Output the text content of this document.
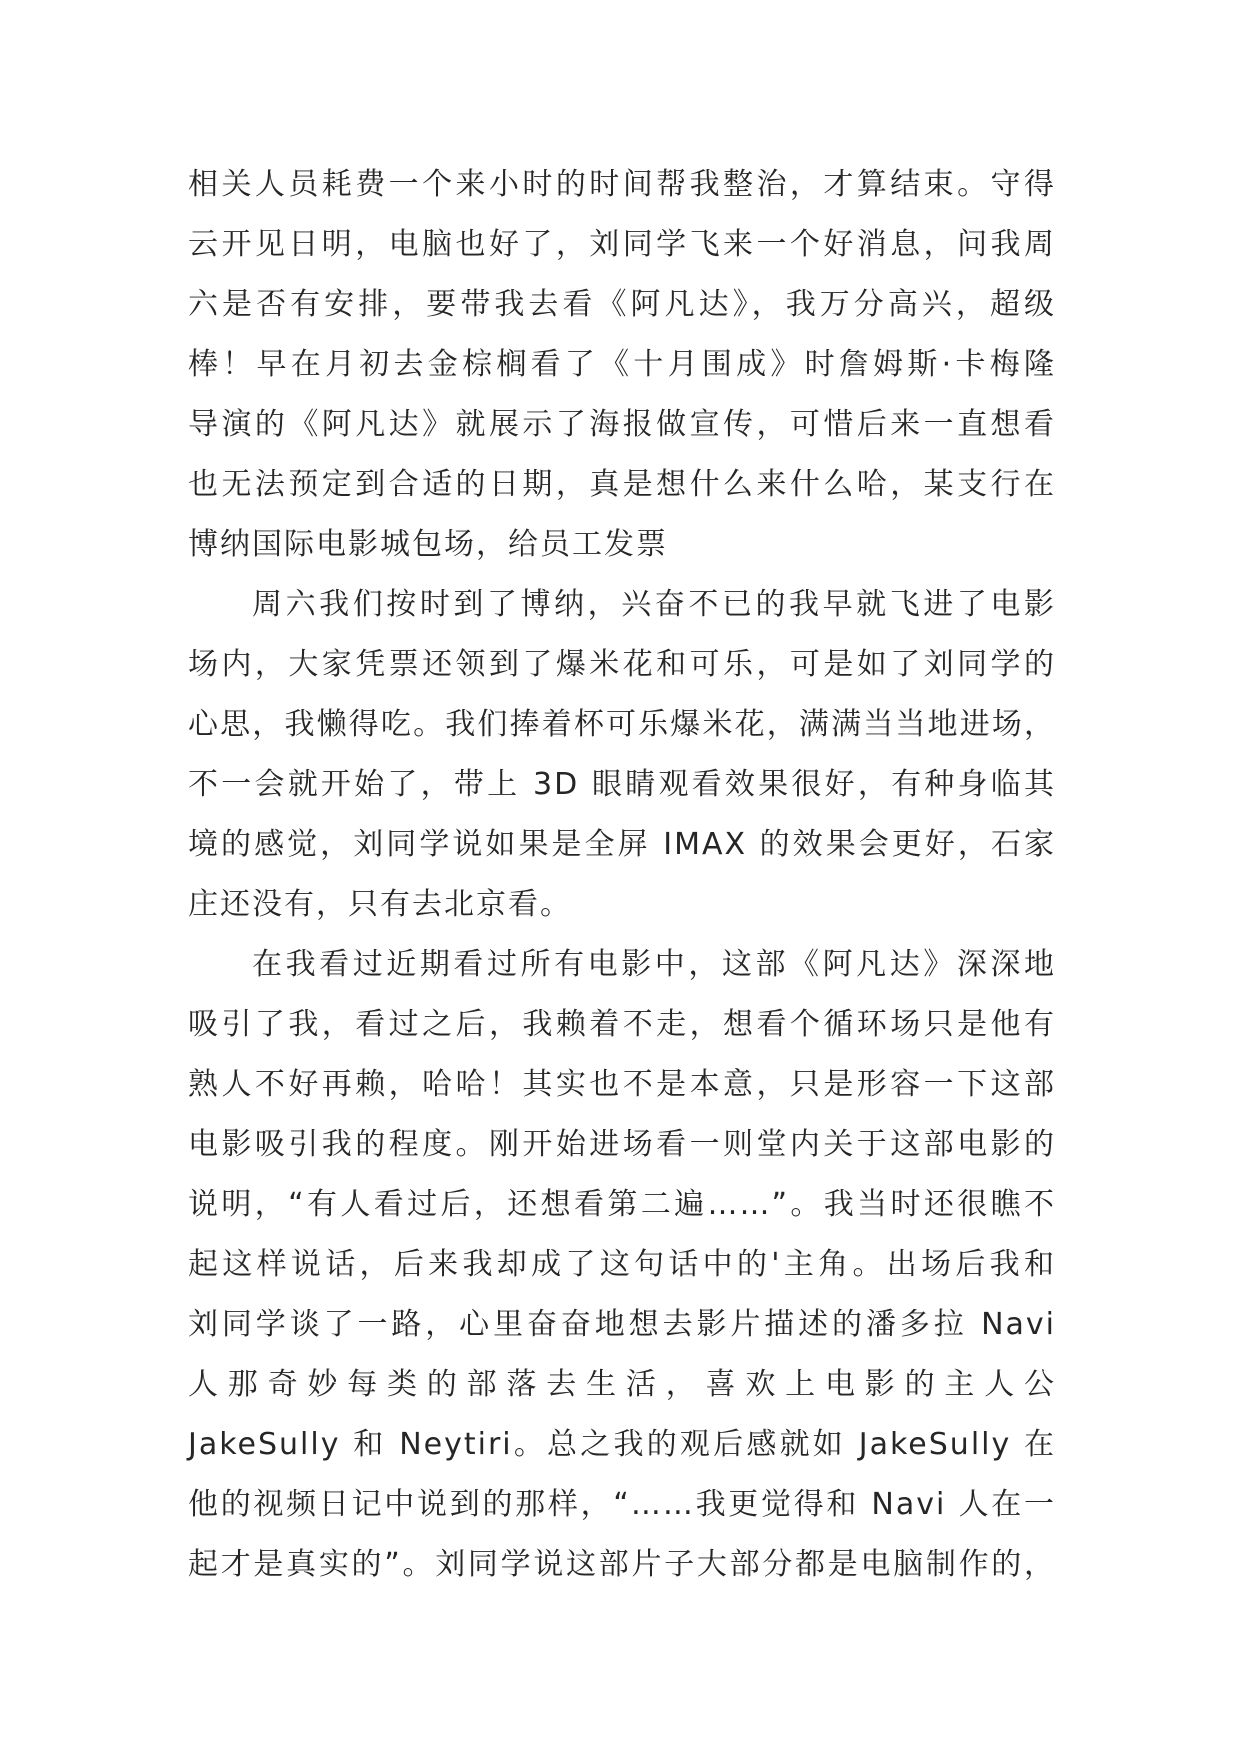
相关人员耗费一个来小时的时间帮我整治，才算结束。守得
云开见日明，电脑也好了，刘同学飞来一个好消息，问我周
六是否有安排，要带我去看《阿凡达》，我万分高兴，超级
棒！早在月初去金棕榈看了《十月围成》时詹姆斯·卡梅隆
导演的《阿凡达》就展示了海报做宣传，可惜后来一直想看
也无法预定到合适的日期，真是想什么来什么哈，某支行在
博纳国际电影城包场，给员工发票
周六我们按时到了博纳，兴奋不已的我早就飞进了电影
场内，大家凭票还领到了爆米花和可乐，可是如了刘同学的
心思，我懒得吃。我们捧着杯可乐爆米花，满满当当地进场，
不一会就开始了，带上 3D 眼睛观看效果很好，有种身临其
境的感觉，刘同学说如果是全屏 IMAX 的效果会更好，石家
庄还没有，只有去北京看。
在我看过近期看过所有电影中，这部《阿凡达》深深地
吸引了我，看过之后，我赖着不走，想看个循环场只是他有
熟人不好再赖，哈哈！其实也不是本意，只是形容一下这部
电影吸引我的程度。刚开始进场看一则堂内关于这部电影的
说明，“有人看过后，还想看第二遍……”。我当时还很瞧不
起这样说话，后来我却成了这句话中的'主角。出场后我和
刘同学谈了一路，心里奋奋地想去影片描述的潘多拉 Navi
人那奇妙每类的部落去生活，喜欢上电影的主人公
JakeSully 和 Neytiri。总之我的观后感就如 JakeSully 在
他的视频日记中说到的那样，“……我更觉得和 Navi 人在一
起才是真实的”。刘同学说这部片子大部分都是电脑制作的，
